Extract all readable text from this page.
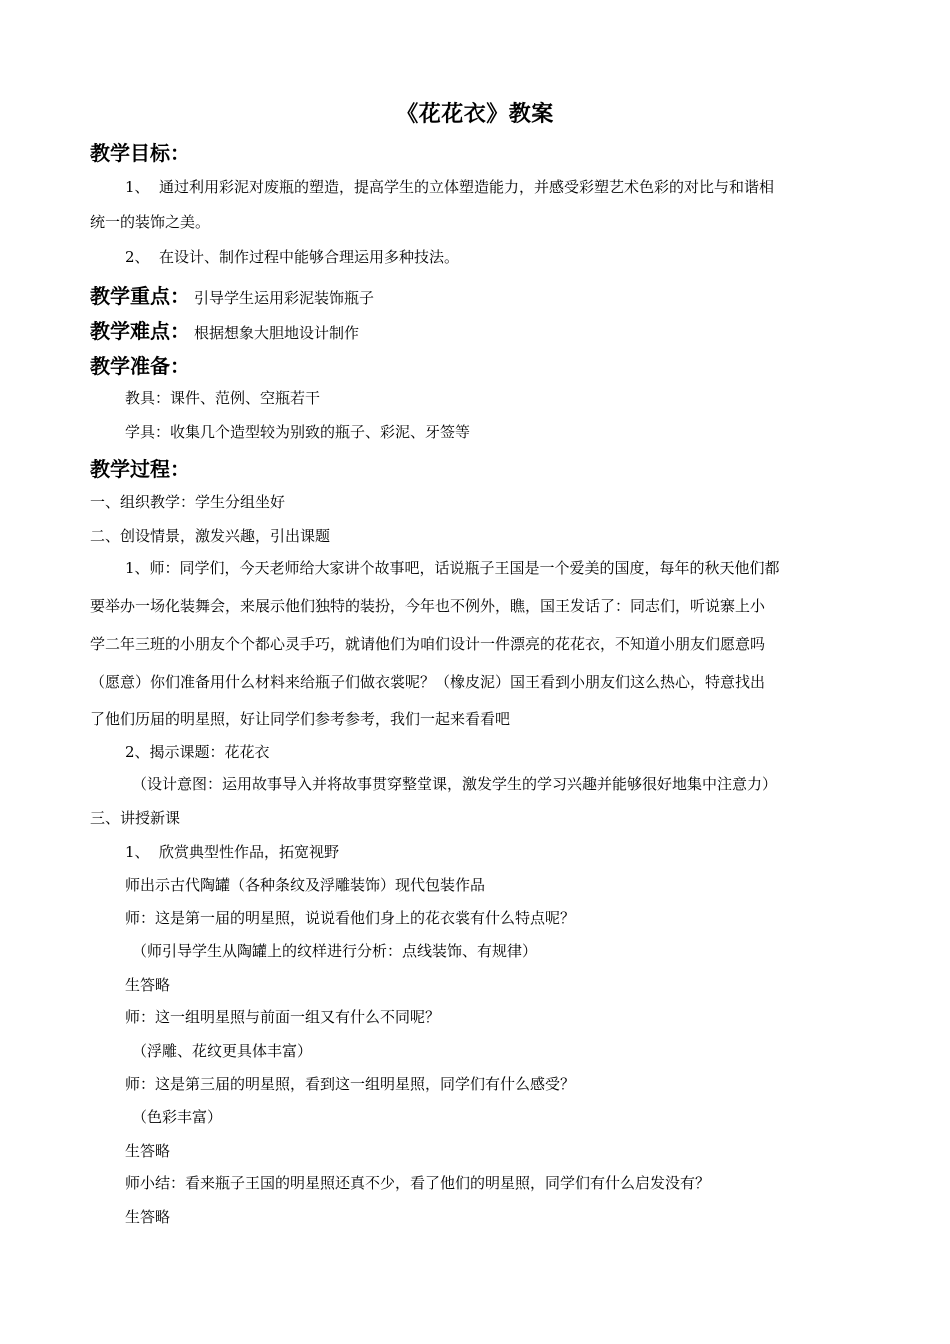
《花花衣》教案
教学目标：
1、 通过利用彩泥对废瓶的塑造，提高学生的立体塑造能力，并感受彩塑艺术色彩的对比与和谐相
统一的装饰之美。
2、 在设计、制作过程中能够合理运用多种技法。
教学重点： 引导学生运用彩泥装饰瓶子
教学难点： 根据想象大胆地设计制作
教学准备：
教具：课件、范例、空瓶若干
学具：收集几个造型较为别致的瓶子、彩泥、牙签等
教学过程：
一、组织教学：学生分组坐好
二、创设情景，激发兴趣，引出课题
1、师：同学们，今天老师给大家讲个故事吧，话说瓶子王国是一个爱美的国度，每年的秋天他们都
要举办一场化装舞会，来展示他们独特的装扮，今年也不例外，瞧，国王发话了：同志们，听说寨上小
学二年三班的小朋友个个都心灵手巧，就请他们为咱们设计一件漂亮的花花衣，不知道小朋友们愿意吗
（愿意）你们准备用什么材料来给瓶子们做衣裳呢？（橡皮泥）国王看到小朋友们这么热心，特意找出
了他们历届的明星照，好让同学们参考参考，我们一起来看看吧
2、揭示课题：花花衣
（设计意图：运用故事导入并将故事贯穿整堂课，激发学生的学习兴趣并能够很好地集中注意力）
三、讲授新课
1、 欣赏典型性作品，拓宽视野
师出示古代陶罐（各种条纹及浮雕装饰）现代包装作品
师：这是第一届的明星照，说说看他们身上的花衣裳有什么特点呢？
（师引导学生从陶罐上的纹样进行分析：点线装饰、有规律）
生答略
师：这一组明星照与前面一组又有什么不同呢？
（浮雕、花纹更具体丰富）
师：这是第三届的明星照，看到这一组明星照，同学们有什么感受？
（色彩丰富）
生答略
师小结：看来瓶子王国的明星照还真不少，看了他们的明星照，同学们有什么启发没有？
生答略
